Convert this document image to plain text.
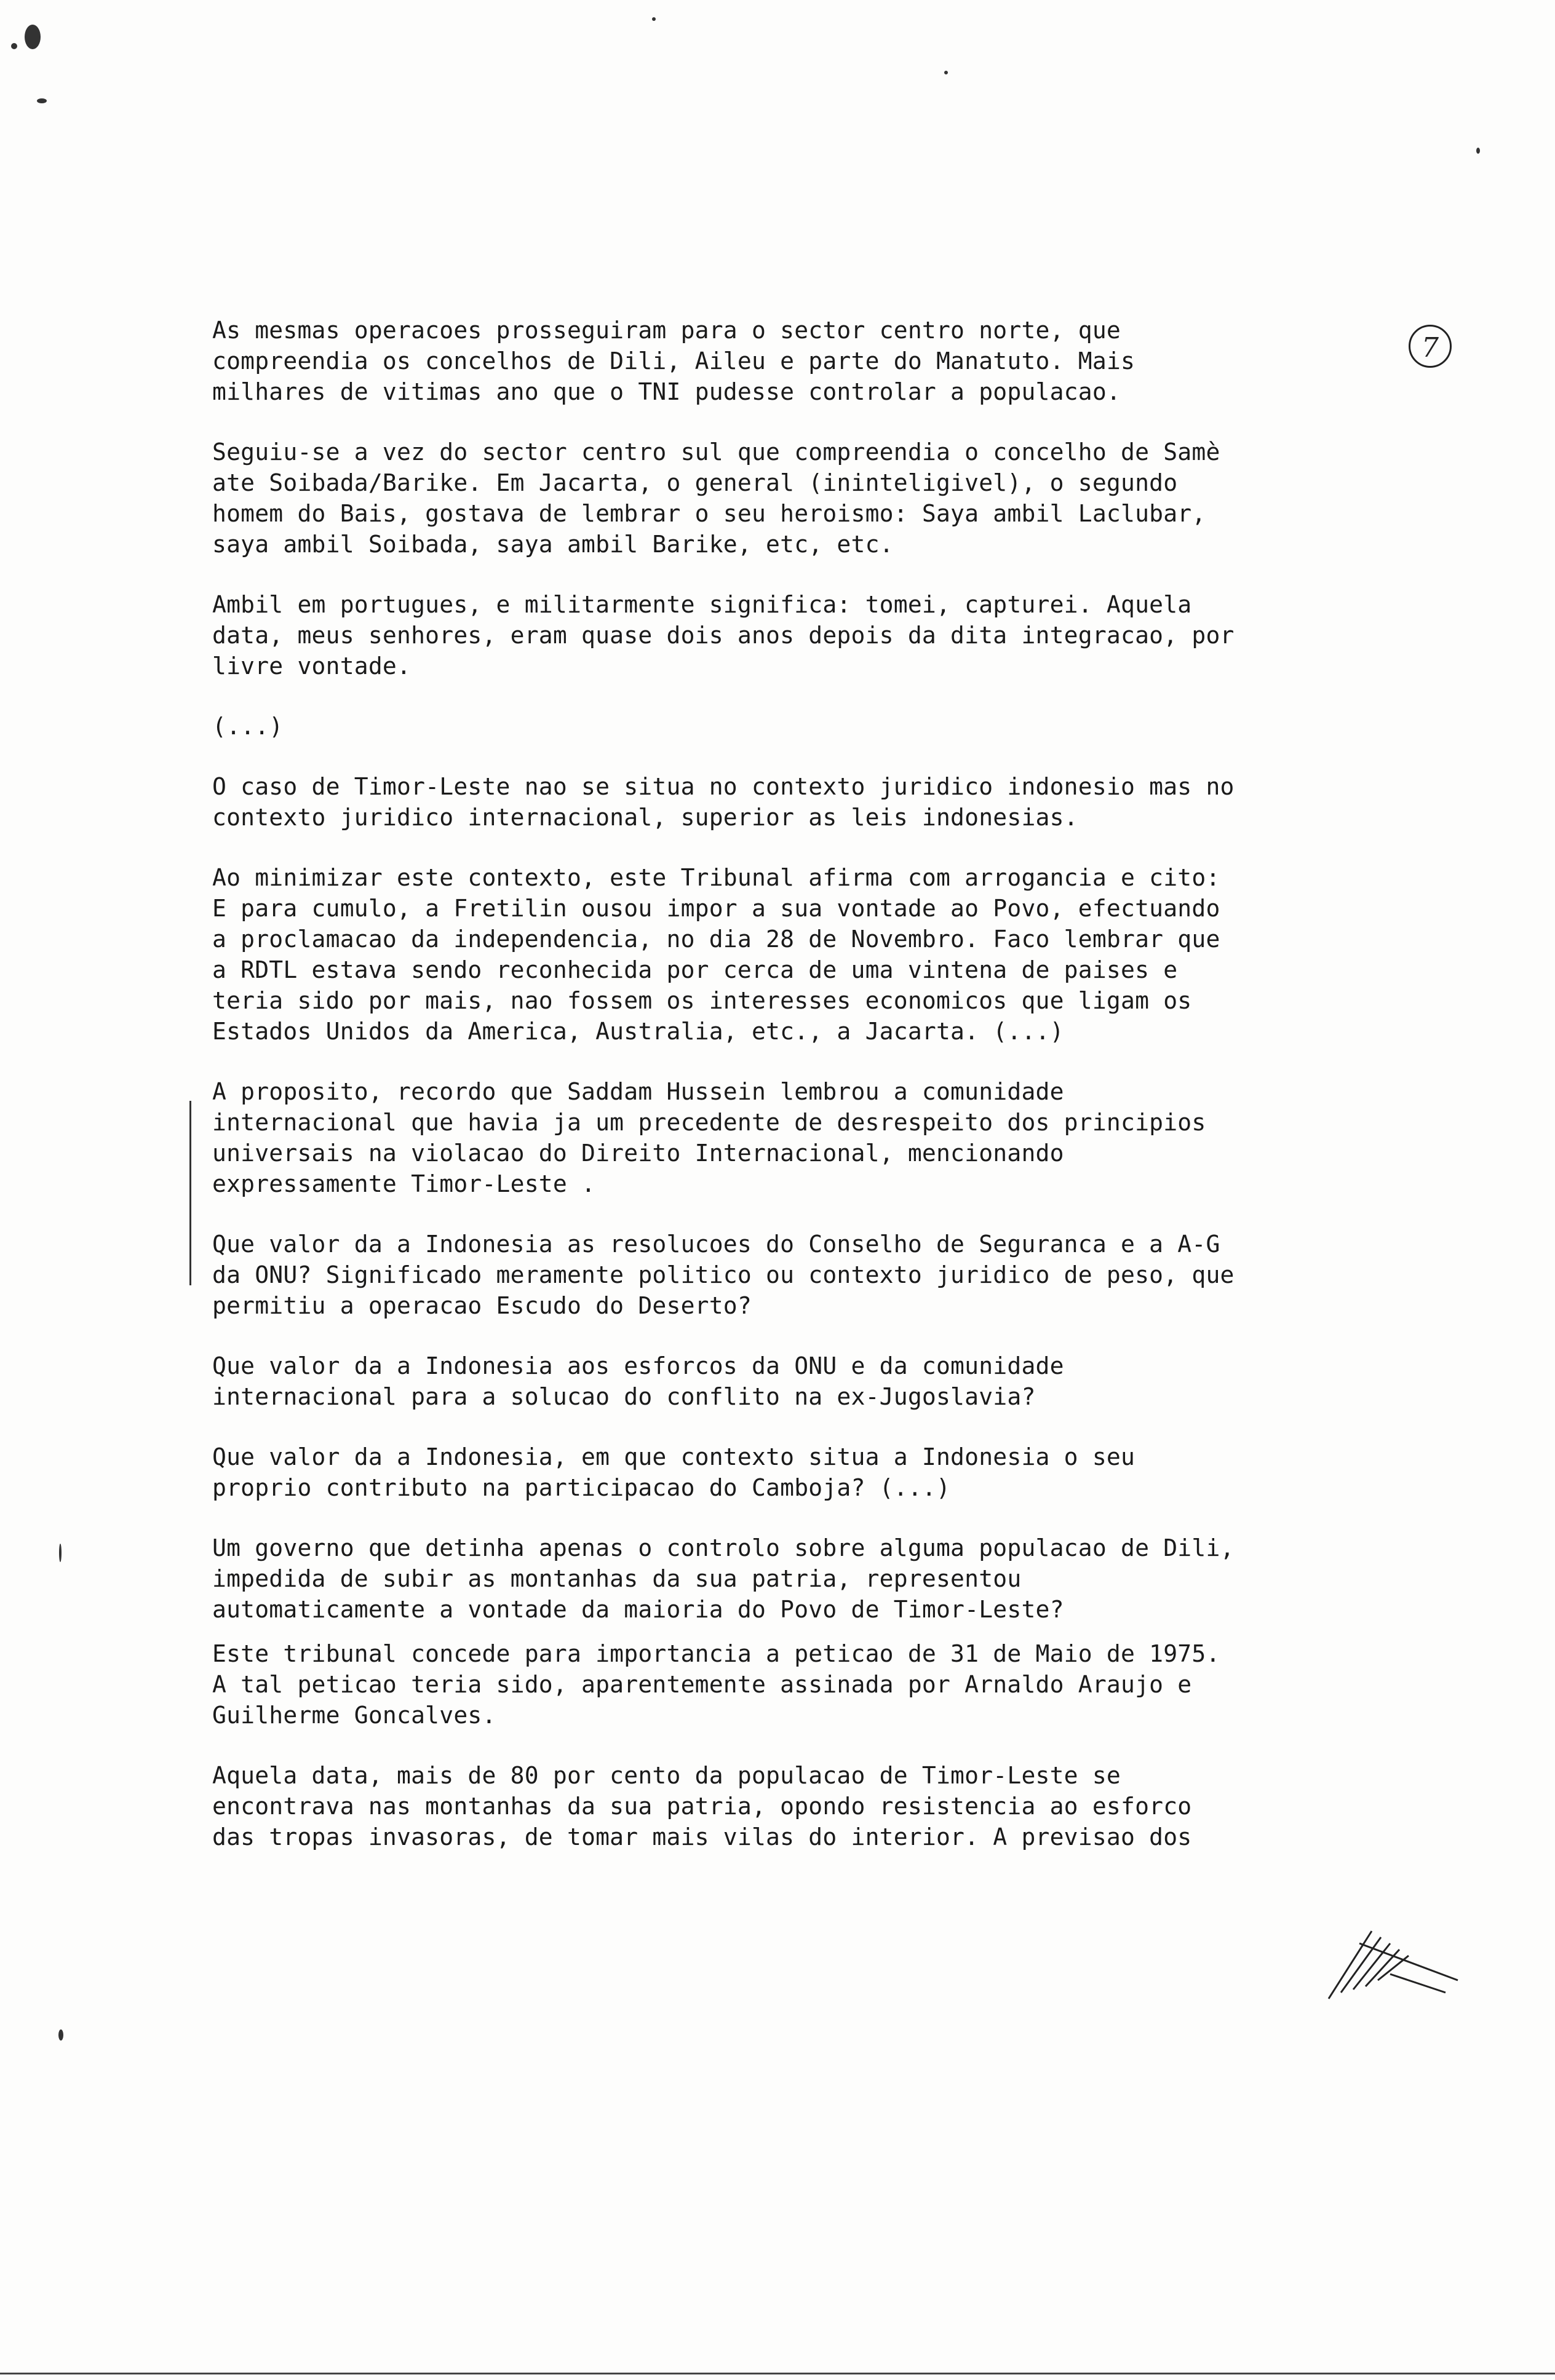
7

As mesmas operacoes prosseguiram para o sector centro norte, que compreendia os concelhos de Dili, Aileu e parte do Manatuto. Mais milhares de vitimas ano que o TNI pudesse controlar a populacao.

Seguiu-se a vez do sector centro sul que compreendia o concelho de Samè ate Soibada/Barike. Em Jacarta, o general (ininteligivel), o segundo homem do Bais, gostava de lembrar o seu heroismo: Saya ambil Laclubar, saya ambil Soibada, saya ambil Barike, etc, etc.

Ambil em portugues, e militarmente significa: tomei, capturei. Aquela data, meus senhores, eram quase dois anos depois da dita integracao, por livre vontade.

(...)

O caso de Timor-Leste nao se situa no contexto juridico indonesio mas no contexto juridico internacional, superior as leis indonesias.

Ao minimizar este contexto, este Tribunal afirma com arrogancia e cito: E para cumulo, a Fretilin ousou impor a sua vontade ao Povo, efectuando a proclamacao da independencia, no dia 28 de Novembro. Faco lembrar que a RDTL estava sendo reconhecida por cerca de uma vintena de paises e teria sido por mais, nao fossem os interesses economicos que ligam os Estados Unidos da America, Australia, etc., a Jacarta. (...)

A proposito, recordo que Saddam Hussein lembrou a comunidade internacional que havia ja um precedente de desrespeito dos principios universais na violacao do Direito Internacional, mencionando expressamente Timor-Leste .

Que valor da a Indonesia as resolucoes do Conselho de Seguranca e a A-G da ONU? Significado meramente politico ou contexto juridico de peso, que permitiu a operacao Escudo do Deserto?

Que valor da a Indonesia aos esforcos da ONU e da comunidade internacional para a solucao do conflito na ex-Jugoslavia?

Que valor da a Indonesia, em que contexto situa a Indonesia o seu proprio contributo na participacao do Camboja? (...)

Um governo que detinha apenas o controlo sobre alguma populacao de Dili, impedida de subir as montanhas da sua patria, representou automaticamente a vontade da maioria do Povo de Timor-Leste?

Este tribunal concede para importancia a peticao de 31 de Maio de 1975. A tal peticao teria sido, aparentemente assinada por Arnaldo Araujo e Guilherme Goncalves.

Aquela data, mais de 80 por cento da populacao de Timor-Leste se encontrava nas montanhas da sua patria, opondo resistencia ao esforco das tropas invasoras, de tomar mais vilas do interior. A previsao dos
